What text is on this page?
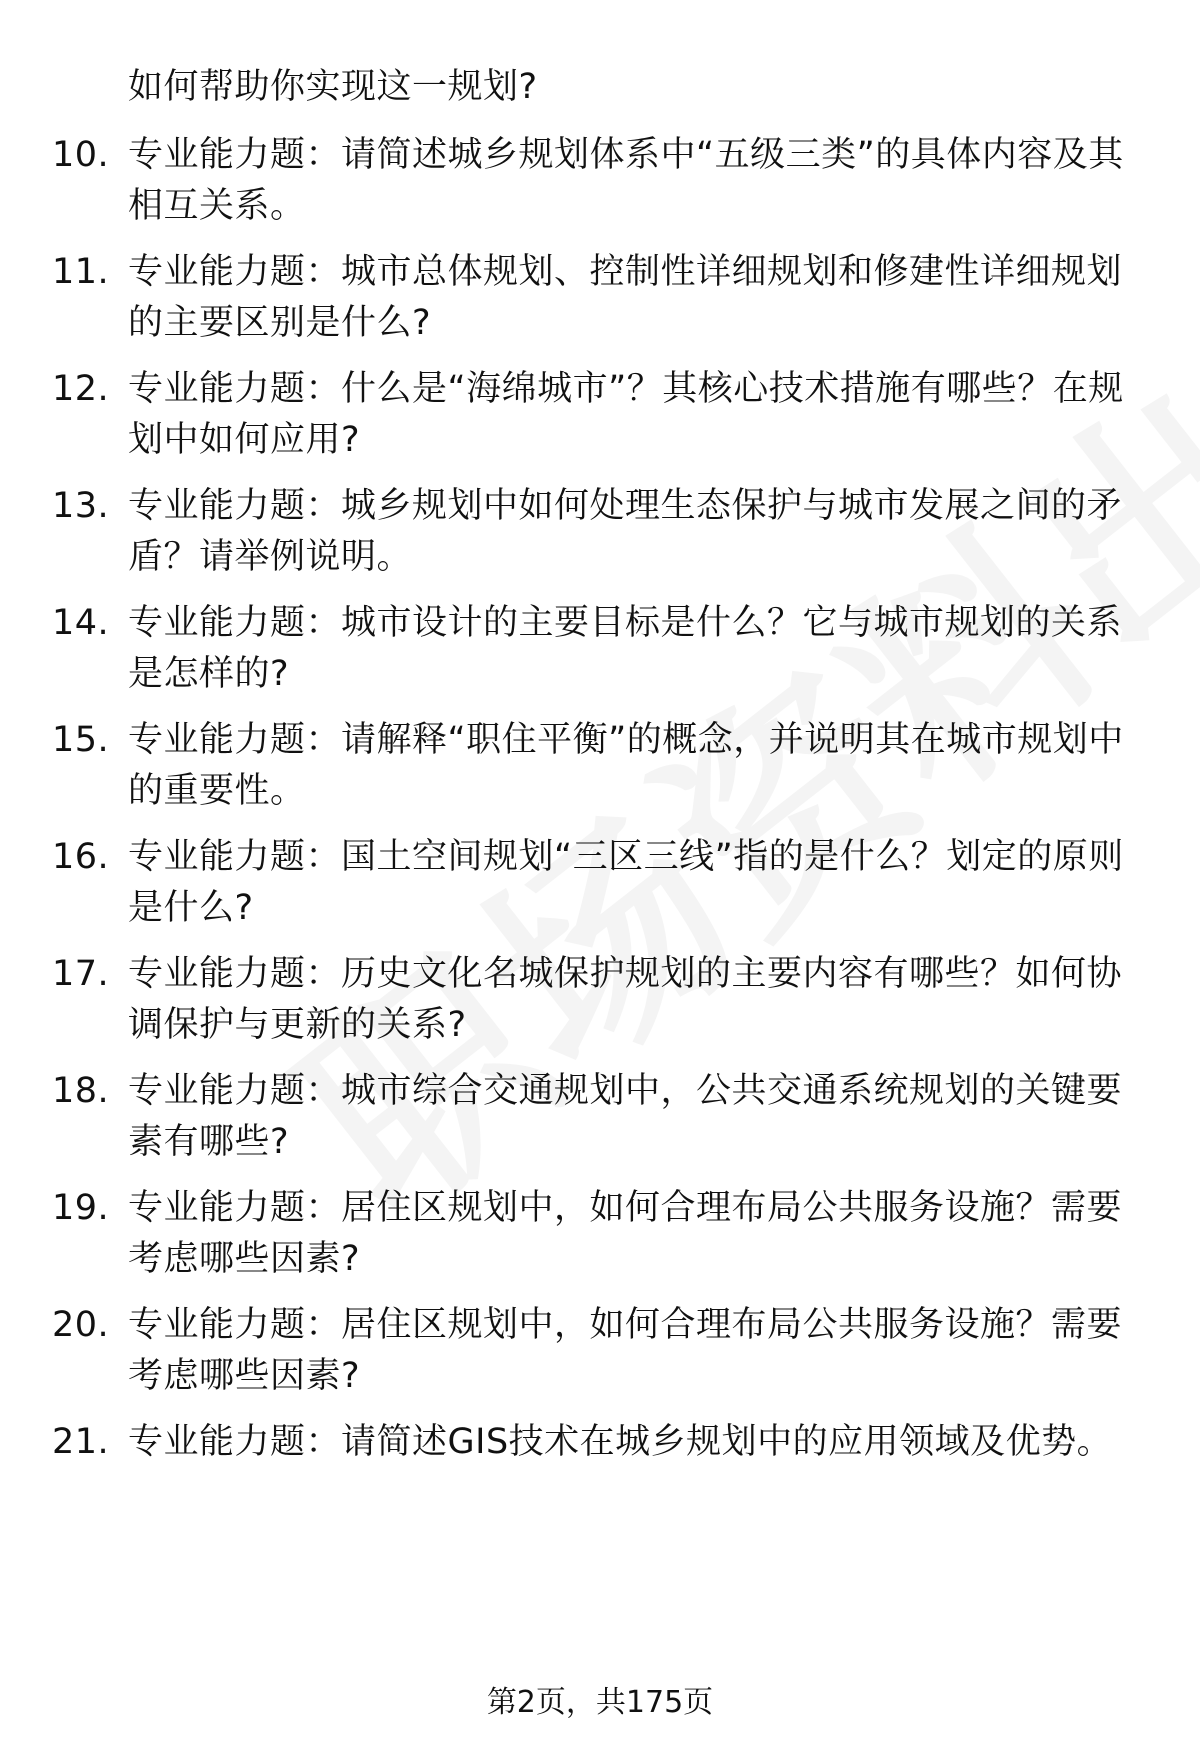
如何帮助你实现这一规划?
10. 专业能力题：请简述城乡规划体系中“五级三类”的具体内容及其相互关系。
11. 专业能力题：城市总体规划、控制性详细规划和修建性详细规划的主要区别是什么?
12. 专业能力题：什么是“海绵城市”？其核心技术措施有哪些？在规划中如何应用?
13. 专业能力题：城乡规划中如何处理生态保护与城市发展之间的矛盾？请举例说明。
14. 专业能力题：城市设计的主要目标是什么？它与城市规划的关系是怎样的?
15. 专业能力题：请解释“职住平衡”的概念，并说明其在城市规划中的重要性。
16. 专业能力题：国土空间规划“三区三线”指的是什么？划定的原则是什么?
17. 专业能力题：历史文化名城保护规划的主要内容有哪些？如何协调保护与更新的关系?
18. 专业能力题：城市综合交通规划中，公共交通系统规划的关键要素有哪些?
19. 专业能力题：居住区规划中，如何合理布局公共服务设施？需要考虑哪些因素?
20. 专业能力题：居住区规划中，如何合理布局公共服务设施？需要考虑哪些因素?
21. 专业能力题：请简述GIS技术在城乡规划中的应用领域及优势。
第2页，共175页
